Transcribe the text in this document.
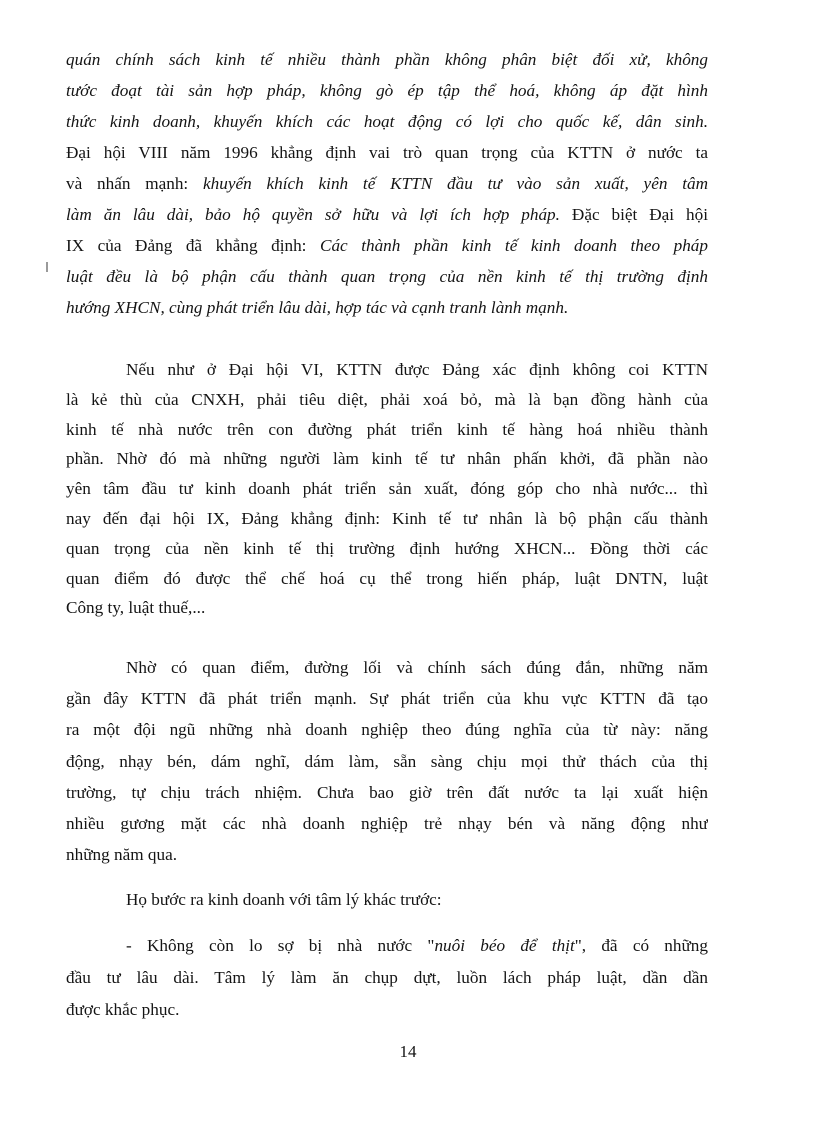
quán chính sách kinh tế nhiều thành phần không phân biệt đối xử, không
tước đoạt tài sản hợp pháp, không gò ép tập thể hoá, không áp đặt hình
thức kinh doanh, khuyến khích các hoạt động có lợi cho quốc kế, dân sinh.
Đại hội VIII năm 1996 khẳng định vai trò quan trọng của KTTN ở nước ta
và nhấn mạnh: khuyến khích kinh tế KTTN đầu tư vào sản xuất, yên tâm
làm ăn lâu dài, bảo hộ quyền sở hữu và lợi ích hợp pháp. Đặc biệt Đại hội
IX của Đảng đã khẳng định: Các thành phần kinh tế kinh doanh theo pháp
luật đều là bộ phận cấu thành quan trọng của nền kinh tế thị trường định
hướng XHCN, cùng phát triển lâu dài, hợp tác và cạnh tranh lành mạnh.

Nếu như ở Đại hội VI, KTTN được Đảng xác định không coi KTTN
là kẻ thù của CNXH, phải tiêu diệt, phải xoá bỏ, mà là bạn đồng hành của
kinh tế nhà nước trên con đường phát triển kinh tế hàng hoá nhiều thành
phần. Nhờ đó mà những người làm kinh tế tư nhân phấn khởi, đã phần nào
yên tâm đầu tư kinh doanh phát triển sản xuất, đóng góp cho nhà nước... thì
nay đến đại hội IX, Đảng khẳng định: Kinh tế tư nhân là bộ phận cấu thành
quan trọng của nền kinh tế thị trường định hướng XHCN... Đồng thời các
quan điểm đó được thể chế hoá cụ thể trong hiến pháp, luật DNTN, luật
Công ty, luật thuế,...

Nhờ có quan điểm, đường lối và chính sách đúng đắn, những năm
gần đây KTTN đã phát triển mạnh. Sự phát triển của khu vực KTTN đã tạo
ra một đội ngũ những nhà doanh nghiệp theo đúng nghĩa của từ này: năng
động, nhạy bén, dám nghĩ, dám làm, sẵn sàng chịu mọi thử thách của thị
trường, tự chịu trách nhiệm. Chưa bao giờ trên đất nước ta lại xuất hiện
nhiều gương mặt các nhà doanh nghiệp trẻ nhạy bén và năng động như
những năm qua.

Họ bước ra kinh doanh với tâm lý khác trước:

- Không còn lo sợ bị nhà nước "nuôi béo để thịt", đã có những
đầu tư lâu dài. Tâm lý làm ăn chụp dựt, luồn lách pháp luật, dần dần
được khắc phục.

14
